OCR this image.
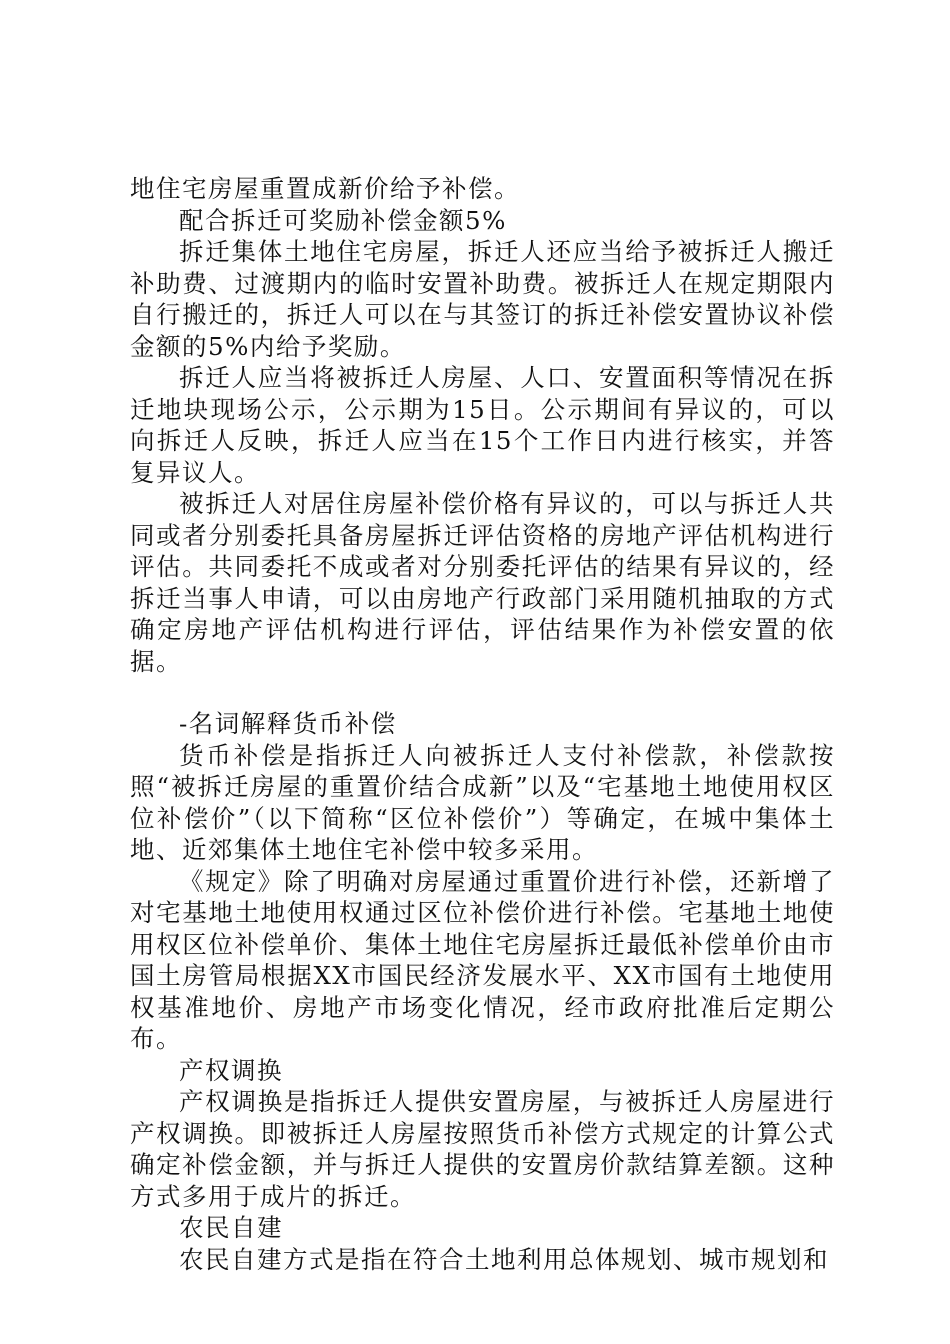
地住宅房屋重置成新价给予补偿。

配合拆迁可奖励补偿金额5%

拆迁集体土地住宅房屋，拆迁人还应当给予被拆迁人搬迁补助费、过渡期内的临时安置补助费。被拆迁人在规定期限内自行搬迁的，拆迁人可以在与其签订的拆迁补偿安置协议补偿金额的5%内给予奖励。

拆迁人应当将被拆迁人房屋、人口、安置面积等情况在拆迁地块现场公示，公示期为15日。公示期间有异议的，可以向拆迁人反映，拆迁人应当在15个工作日内进行核实，并答复异议人。

被拆迁人对居住房屋补偿价格有异议的，可以与拆迁人共同或者分别委托具备房屋拆迁评估资格的房地产评估机构进行评估。共同委托不成或者对分别委托评估的结果有异议的，经拆迁当事人申请，可以由房地产行政部门采用随机抽取的方式确定房地产评估机构进行评估，评估结果作为补偿安置的依据。

-名词解释货币补偿

货币补偿是指拆迁人向被拆迁人支付补偿款，补偿款按照“被拆迁房屋的重置价结合成新”以及“宅基地土地使用权区位补偿价”（以下简称“区位补偿价”）等确定，在城中集体土地、近郊集体土地住宅补偿中较多采用。

《规定》除了明确对房屋通过重置价进行补偿，还新增了对宅基地土地使用权通过区位补偿价进行补偿。宅基地土地使用权区位补偿单价、集体土地住宅房屋拆迁最低补偿单价由市国土房管局根据XX市国民经济发展水平、XX市国有土地使用权基准地价、房地产市场变化情况，经市政府批准后定期公布。

产权调换

产权调换是指拆迁人提供安置房屋，与被拆迁人房屋进行产权调换。即被拆迁人房屋按照货币补偿方式规定的计算公式确定补偿金额，并与拆迁人提供的安置房价款结算差额。这种方式多用于成片的拆迁。

农民自建

农民自建方式是指在符合土地利用总体规划、城市规划和
